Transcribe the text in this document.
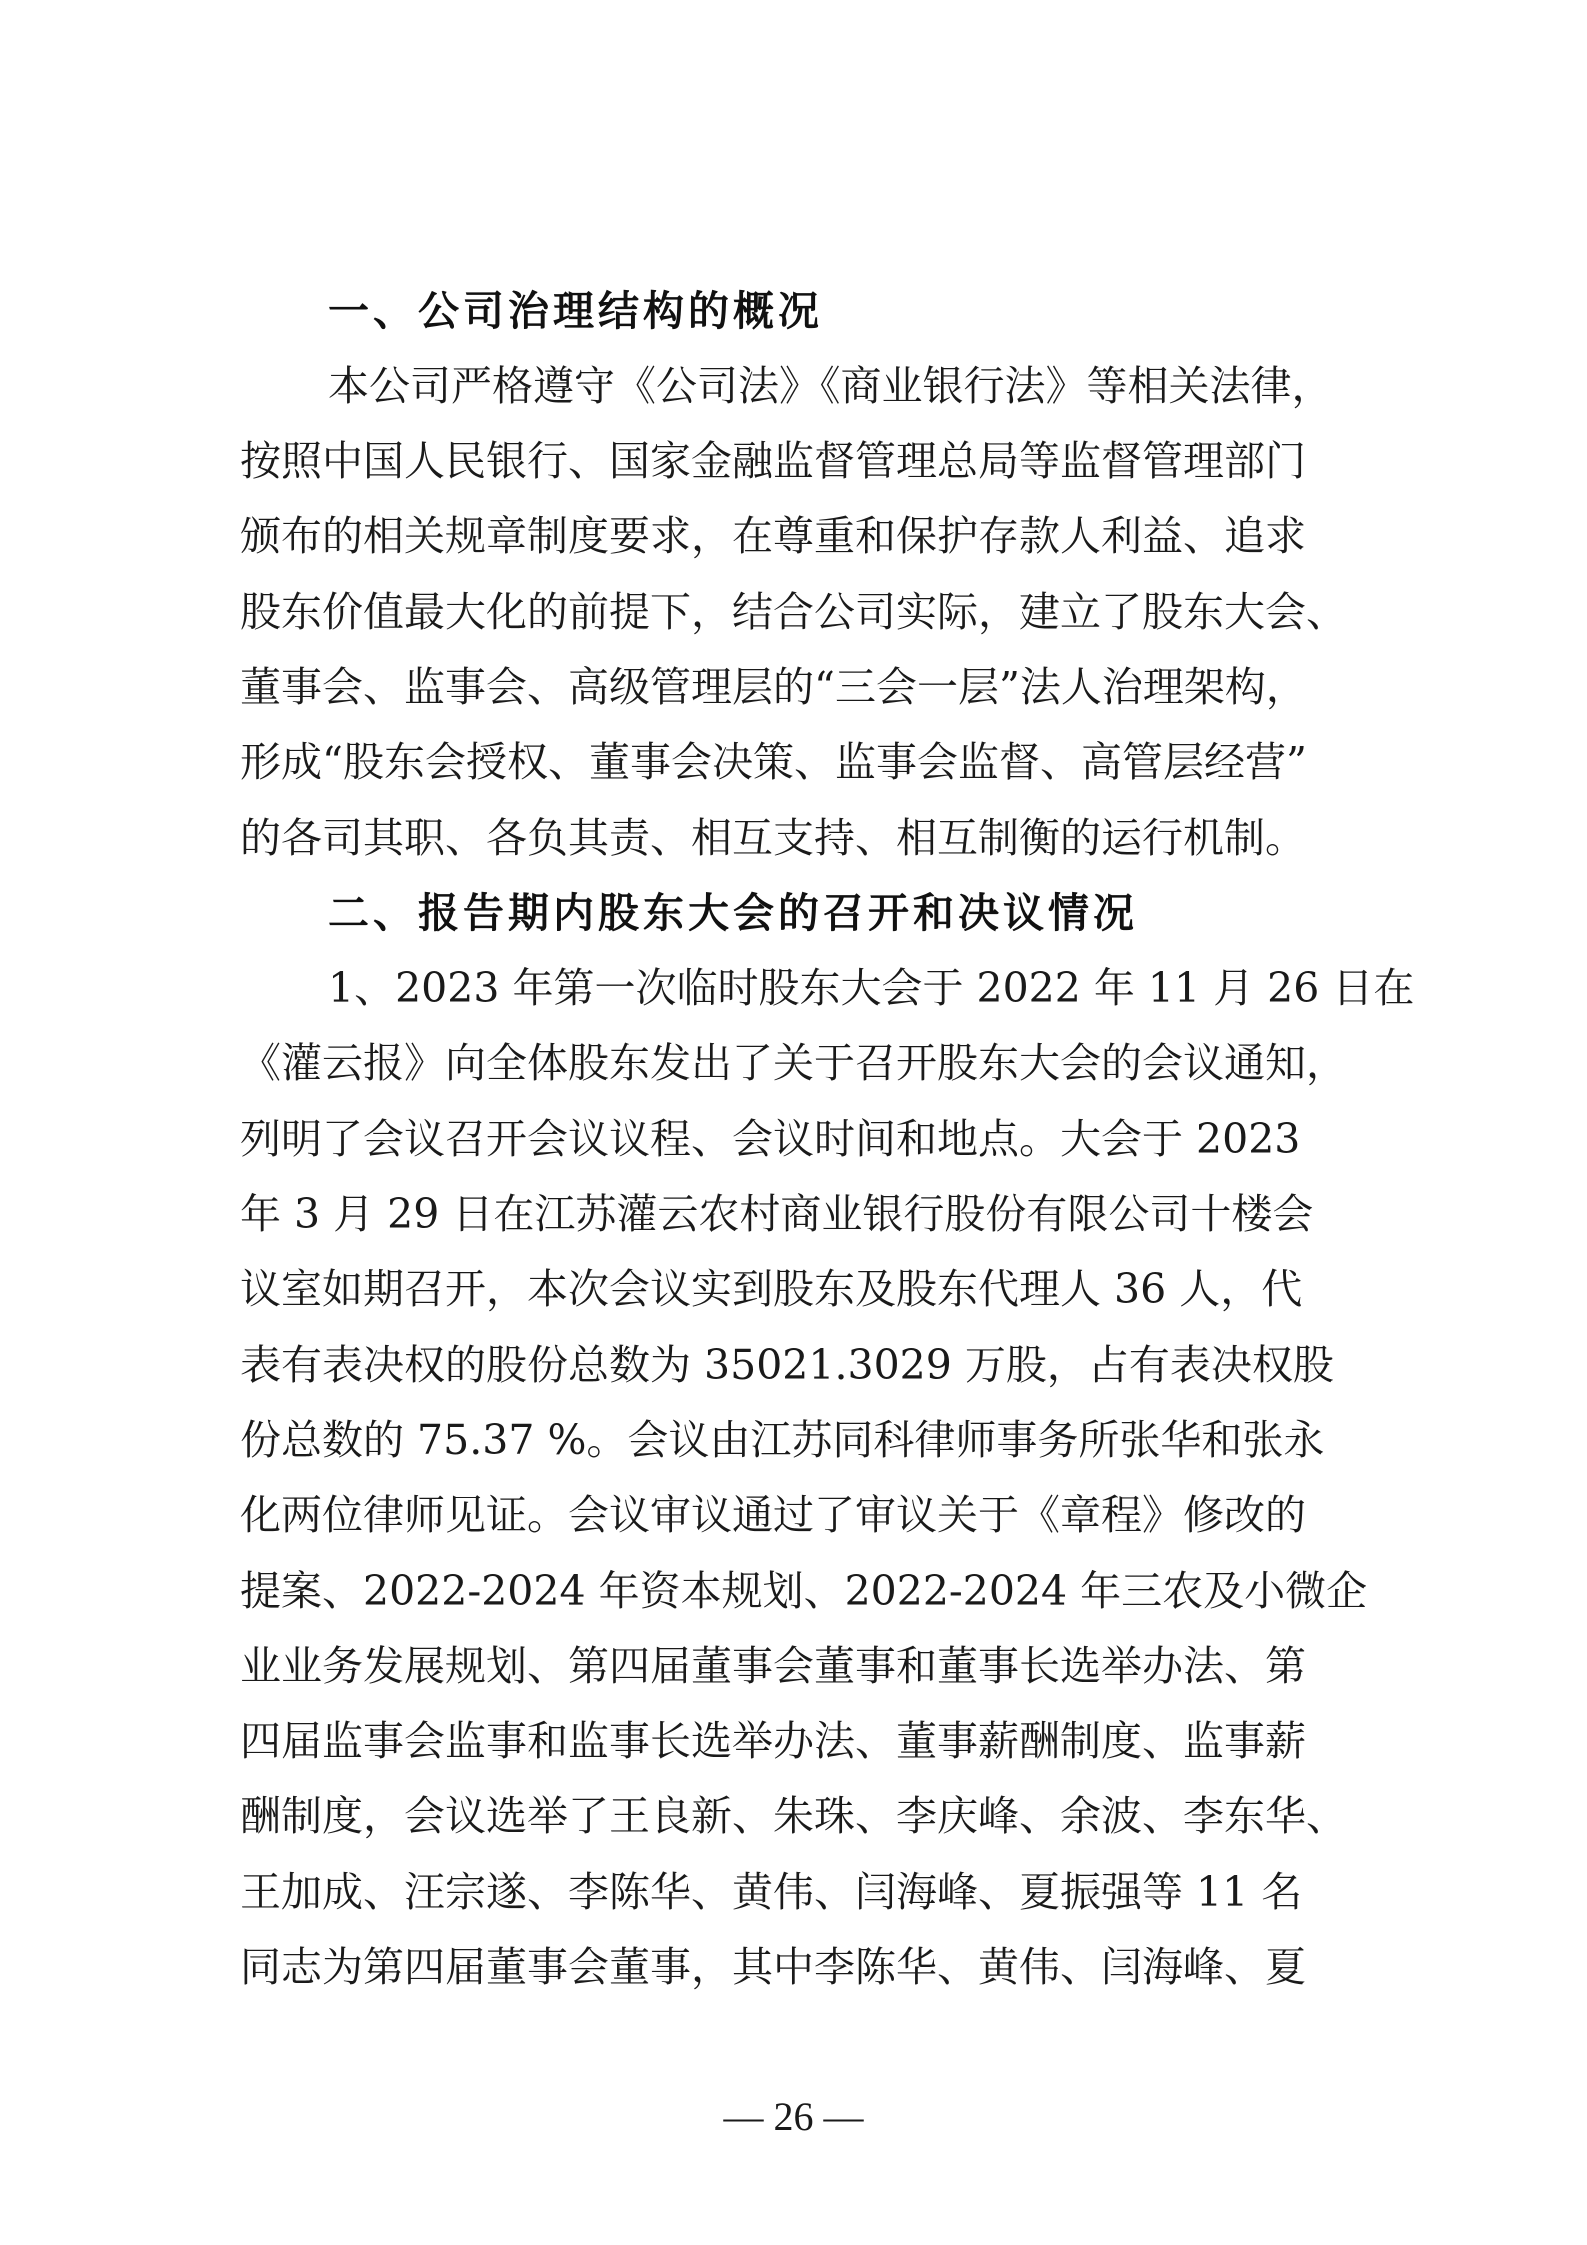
一、公司治理结构的概况
本公司严格遵守《公司法》《商业银行法》等相关法律，
按照中国人民银行、国家金融监督管理总局等监督管理部门
颁布的相关规章制度要求，在尊重和保护存款人利益、追求
股东价值最大化的前提下，结合公司实际，建立了股东大会、
董事会、监事会、高级管理层的“三会一层”法人治理架构，
形成“股东会授权、董事会决策、监事会监督、高管层经营”
的各司其职、各负其责、相互支持、相互制衡的运行机制。
二、报告期内股东大会的召开和决议情况
1、2023 年第一次临时股东大会于 2022 年 11 月 26 日在
《灌云报》向全体股东发出了关于召开股东大会的会议通知，
列明了会议召开会议议程、会议时间和地点。大会于 2023
年 3 月 29 日在江苏灌云农村商业银行股份有限公司十楼会
议室如期召开，本次会议实到股东及股东代理人 36 人，代
表有表决权的股份总数为 35021.3029 万股，占有表决权股
份总数的 75.37 %。会议由江苏同科律师事务所张华和张永
化两位律师见证。会议审议通过了审议关于《章程》修改的
提案、2022-2024 年资本规划、2022-2024 年三农及小微企
业业务发展规划、第四届董事会董事和董事长选举办法、第
四届监事会监事和监事长选举办法、董事薪酬制度、监事薪
酬制度，会议选举了王良新、朱珠、李庆峰、余波、李东华、
王加成、汪宗遂、李陈华、黄伟、闫海峰、夏振强等 11 名
同志为第四届董事会董事，其中李陈华、黄伟、闫海峰、夏
— 26 —
